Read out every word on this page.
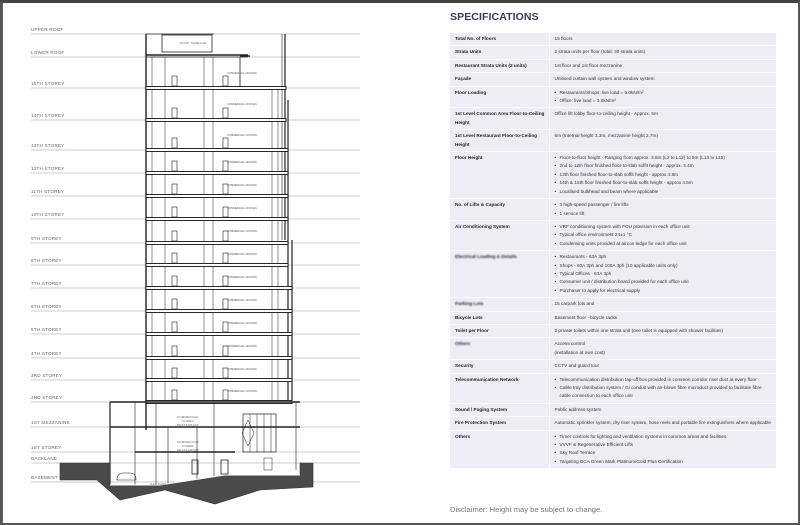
COMMERCIAL OFFICES
COMMERCIAL OFFICES
COMMERCIAL OFFICES
COMMERCIAL OFFICES
COMMERCIAL OFFICES
COMMERCIAL OFFICES
COMMERCIAL OFFICES
COMMERCIAL OFFICES
COMMERCIAL OFFICES
COMMERCIAL OFFICES
COMMERCIAL OFFICES
COMMERCIAL OFFICES
COMMERCIAL OFFICES
COMMERCIAL OFFICES
UPPER ROOF
LOWER ROOF
15TH STOREY
14TH STOREY
13TH STOREY
12TH STOREY
11TH STOREY
10TH STOREY
9TH STOREY
8TH STOREY
7TH STOREY
6TH STOREY
5TH STOREY
4TH STOREY
3RD STOREY
2ND STOREY
1ST MEZZANINE
1ST STOREY
BACKLANE
BASEMENT
ROOF TERRACE
CAR PARK
COMMERCIAL UNDER RESTAURANT
COMMERCIAL UNDER RESTAURANT
SPECIFICATIONS
Total No. of Floors	15 floors

Strata Units	2 strata units per floor (total: 30 strata units)

Restaurant Strata Units (2 units)	1st floor and 1st floor mezzanine

Façade	Unitised curtain wall system and window system

Floor Loading	
•Restaurants/Shops: live load = 5.0kN/m²
• Office: live load = 3.0kN/m²

1st Level Common Area Floor-to-Ceiling Height	Office lift lobby floor-to-ceiling height - Approx. 6m

1st Level Restaurant Floor-to-Ceiling Height	6m (Internal height 3.3m, mezzanine height 2.7m)

Floor Height	
•Floor-to-floor height - Ranging from approx. 3.6m (L2 to L12) to 5m (L13 to L15)
• 2nd to 12th floor finished floor-to-slab soffit height - approx. 3.4m
• 13th floor finished floor-to-slab soffit height - approx 4.8m
• 14th & 15th floor finished floor-to-slab soffit height - approx 4.5m
• Localised bulkhead and beam where applicable

No. of Lifts & Capacity	
•3 high-speed passenger / fire lifts
• 1 service lift

Air Conditioning System	
•VRF conditioning system with FCU provision in each office unit
• Typical office environment 24±1 °C
• Condensing units provided at aircon ledge for each office unit

Electrical Loading & Details	
•Restaurants - 63A 3ph
• Shops - 60A 3ph and 100A 3ph (10 applicable units only)
• Typical Offices - 63A 3ph
• Consumer unit / distribution board provided for each office unit
• Purchaser to apply for electrical supply

Parking Lots	15 carpark lots and

Bicycle Lots	Basement floor - bicycle racks

Toilet per Floor	2 private toilets within one strata unit (one toilet is equipped with shower facilities)

Others	Access control
(installation at own cost)

Security	CCTV and guard tour

Telecommunication Network	
•Telecommunication distribution tap-off box provided in common corridor riser duct at every floor
• Cable tray distribution system / GI conduit with air-blown fibre microduct provided to facilitate fibre cable connection to each office unit

Sound / Paging System	Public address system

Fire Protection System	Automatic sprinkler system, dry riser system, hose reels and portable fire extinguishers where applicable

Others	
•Timer controls for lighting and ventilation systems in common areas and facilities
• VVVF & Regenerative Efficient Lifts
• Sky Roof Terrace
• Targeting BCA Green Mark Platinum/Gold Plus Certification
Disclaimer: Height may be subject to change.
